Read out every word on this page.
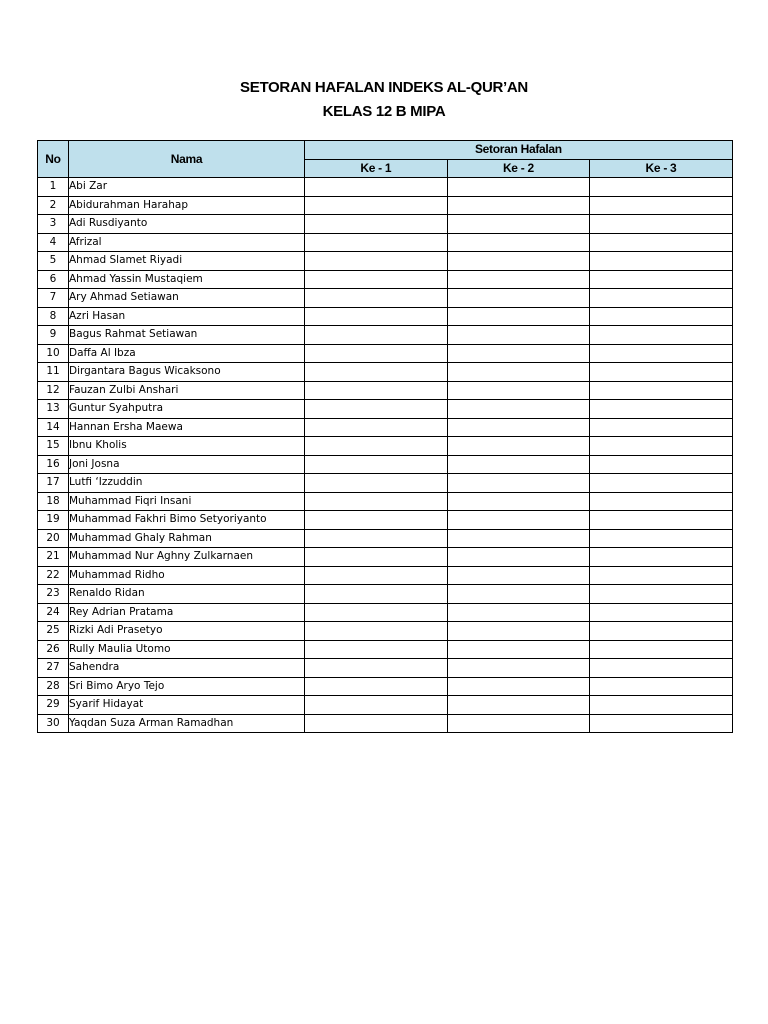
SETORAN HAFALAN INDEKS AL-QUR’AN
KELAS 12 B MIPA
No	Nama	Setoran Hafalan		
		Ke - 1	Ke - 2	Ke - 3
1	Abi Zar			
2	Abidurahman Harahap			
3	Adi Rusdiyanto			
4	Afrizal			
5	Ahmad Slamet Riyadi			
6	Ahmad Yassin Mustaqiem			
7	Ary Ahmad Setiawan			
8	Azri Hasan			
9	Bagus Rahmat Setiawan			
10	Daffa Al Ibza			
11	Dirgantara Bagus Wicaksono			
12	Fauzan Zulbi Anshari			
13	Guntur Syahputra			
14	Hannan Ersha Maewa			
15	Ibnu Kholis			
16	Joni Josna			
17	Lutfi ‘Izzuddin			
18	Muhammad Fiqri Insani			
19	Muhammad Fakhri Bimo Setyoriyanto			
20	Muhammad Ghaly Rahman			
21	Muhammad Nur Aghny Zulkarnaen			
22	Muhammad Ridho			
23	Renaldo Ridan			
24	Rey Adrian Pratama			
25	Rizki Adi Prasetyo			
26	Rully Maulia Utomo			
27	Sahendra			
28	Sri Bimo Aryo Tejo			
29	Syarif Hidayat			
30	Yaqdan Suza Arman Ramadhan			
